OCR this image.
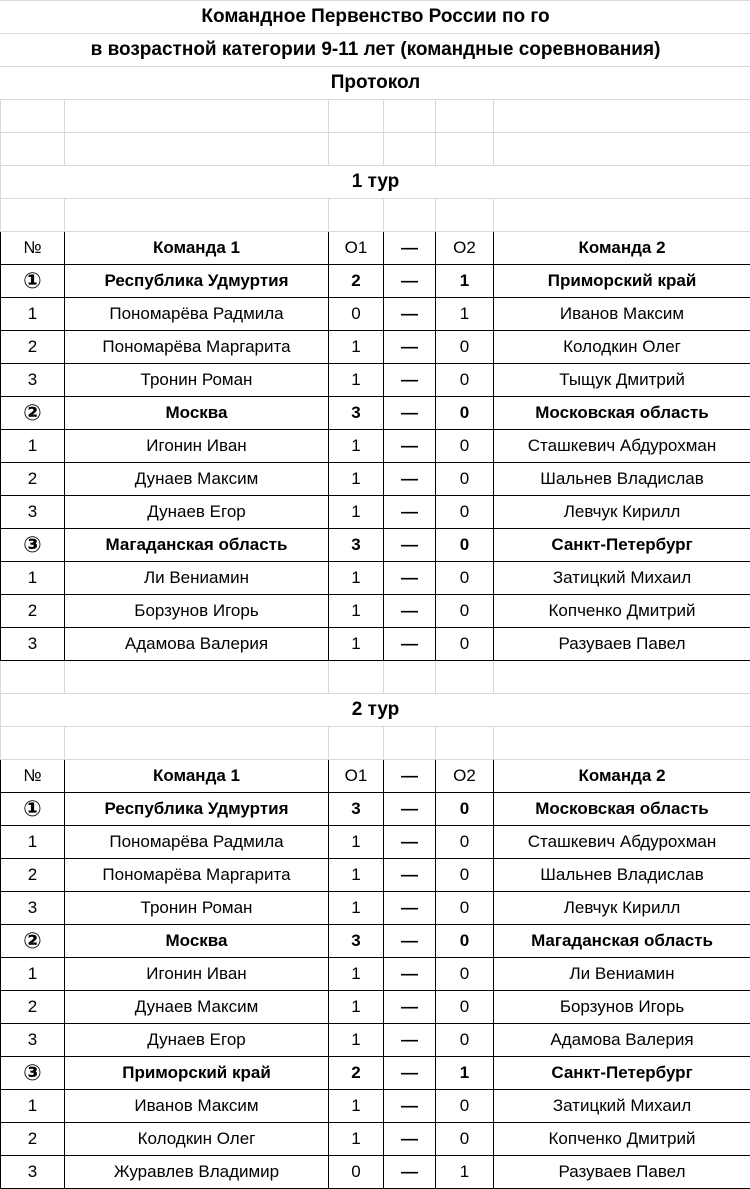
Командное Первенство России по го					
в возрастной категории 9-11 лет (командные соревнования)					
Протокол					

1 тур					

№	Команда 1	О1	—	О2	Команда 2
①	Республика Удмуртия	2	—	1	Приморский край
1	Пономарёва Радмила	0	—	1	Иванов Максим
2	Пономарёва Маргарита	1	—	0	Колодкин Олег
3	Тронин Роман	1	—	0	Тыщук Дмитрий
②	Москва	3	—	0	Московская область
1	Игонин Иван	1	—	0	Сташкевич Абдурохман
2	Дунаев Максим	1	—	0	Шальнев Владислав
3	Дунаев Егор	1	—	0	Левчук Кирилл
③	Магаданская область	3	—	0	Санкт-Петербург
1	Ли Вениамин	1	—	0	Затицкий Михаил
2	Борзунов Игорь	1	—	0	Копченко Дмитрий
3	Адамова Валерия	1	—	0	Разуваев Павел

2 тур					

№	Команда 1	О1	—	О2	Команда 2
①	Республика Удмуртия	3	—	0	Московская область
1	Пономарёва Радмила	1	—	0	Сташкевич Абдурохман
2	Пономарёва Маргарита	1	—	0	Шальнев Владислав
3	Тронин Роман	1	—	0	Левчук Кирилл
②	Москва	3	—	0	Магаданская область
1	Игонин Иван	1	—	0	Ли Вениамин
2	Дунаев Максим	1	—	0	Борзунов Игорь
3	Дунаев Егор	1	—	0	Адамова Валерия
③	Приморский край	2	—	1	Санкт-Петербург
1	Иванов Максим	1	—	0	Затицкий Михаил
2	Колодкин Олег	1	—	0	Копченко Дмитрий
3	Журавлев Владимир	0	—	1	Разуваев Павел
